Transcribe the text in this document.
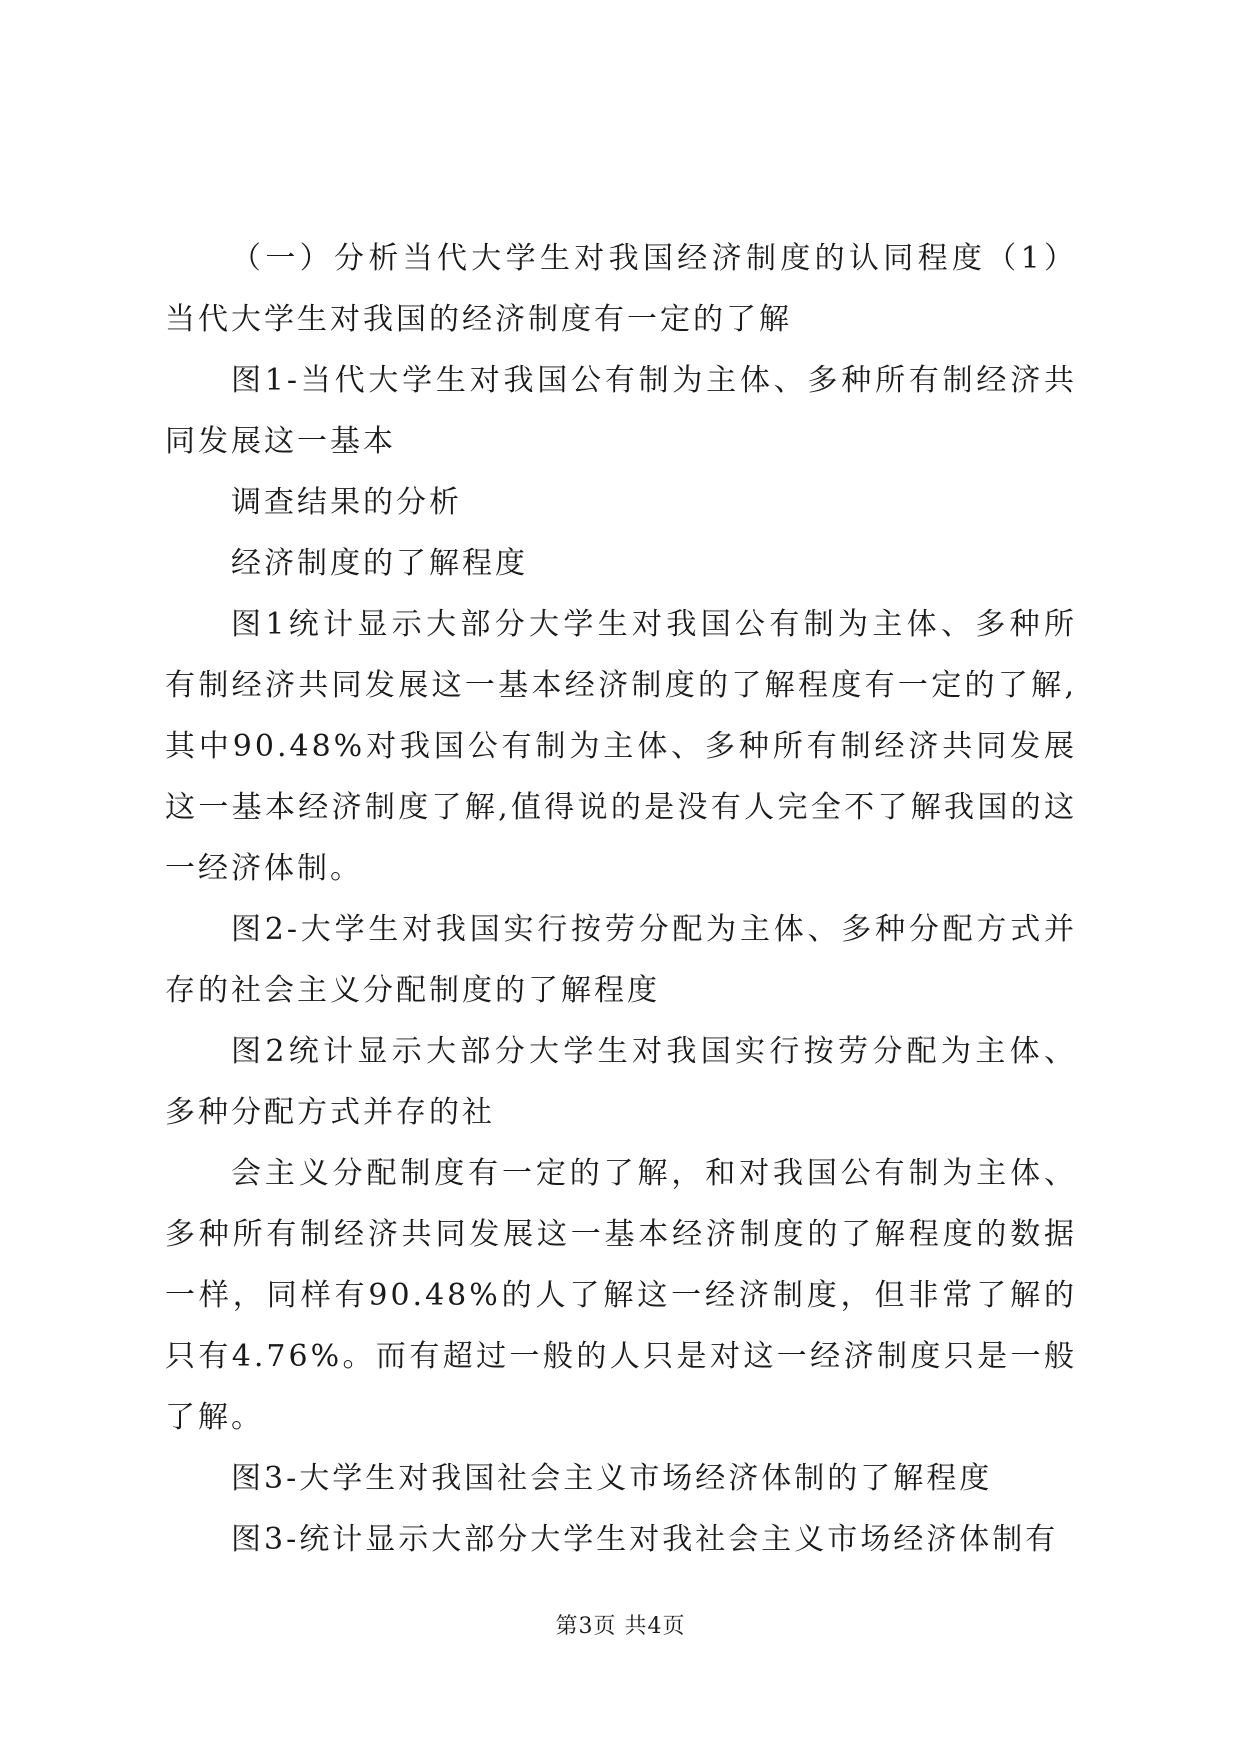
（一）分析当代大学生对我国经济制度的认同程度（1）当代大学生对我国的经济制度有一定的了解

图1-当代大学生对我国公有制为主体、多种所有制经济共同发展这一基本

调查结果的分析

经济制度的了解程度

图1统计显示大部分大学生对我国公有制为主体、多种所有制经济共同发展这一基本经济制度的了解程度有一定的了解,其中90.48%对我国公有制为主体、多种所有制经济共同发展这一基本经济制度了解,值得说的是没有人完全不了解我国的这一经济体制。

图2-大学生对我国实行按劳分配为主体、多种分配方式并存的社会主义分配制度的了解程度

图2统计显示大部分大学生对我国实行按劳分配为主体、多种分配方式并存的社

会主义分配制度有一定的了解，和对我国公有制为主体、多种所有制经济共同发展这一基本经济制度的了解程度的数据一样，同样有90.48%的人了解这一经济制度，但非常了解的只有4.76%。而有超过一般的人只是对这一经济制度只是一般了解。

图3-大学生对我国社会主义市场经济体制的了解程度

图3-统计显示大部分大学生对我社会主义市场经济体制有

第3页 共4页
